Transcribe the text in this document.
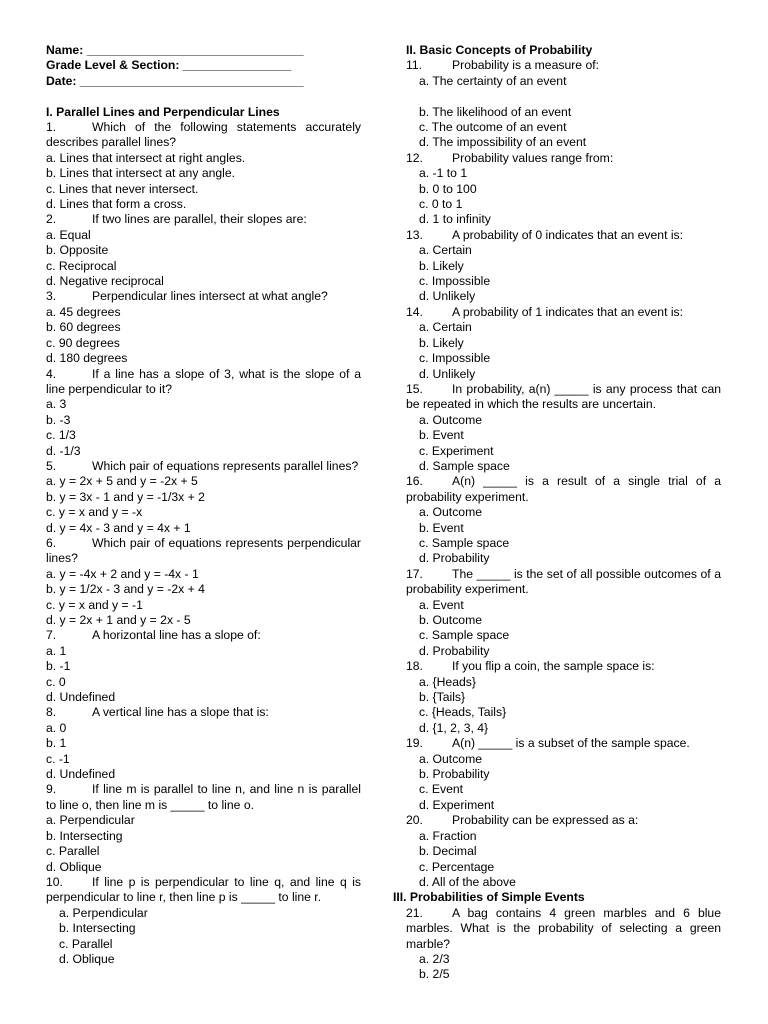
Name: ________________________________
Grade Level & Section: ________________
Date: _________________________________
I. Parallel Lines and Perpendicular Lines
1.	Which of the following statements accurately describes parallel lines?
a. Lines that intersect at right angles.
b. Lines that intersect at any angle.
c. Lines that never intersect.
d. Lines that form a cross.
2.	If two lines are parallel, their slopes are:
a. Equal
b. Opposite
c. Reciprocal
d. Negative reciprocal
3.	Perpendicular lines intersect at what angle?
a. 45 degrees
b. 60 degrees
c. 90 degrees
d. 180 degrees
4.	If a line has a slope of 3, what is the slope of a line perpendicular to it?
a. 3
b. -3
c. 1/3
d. -1/3
5.	Which pair of equations represents parallel lines?
a. y = 2x + 5 and y = -2x + 5
b. y = 3x - 1 and y = -1/3x + 2
c. y = x and y = -x
d. y = 4x - 3 and y = 4x + 1
6.	Which pair of equations represents perpendicular lines?
a. y = -4x + 2 and y = -4x - 1
b. y = 1/2x - 3 and y = -2x + 4
c. y = x and y = -1
d. y = 2x + 1 and y = 2x - 5
7.	A horizontal line has a slope of:
a. 1
b. -1
c. 0
d. Undefined
8.	A vertical line has a slope that is:
a. 0
b. 1
c. -1
d. Undefined
9.	If line m is parallel to line n, and line n is parallel to line o, then line m is _____ to line o.
a. Perpendicular
b. Intersecting
c. Parallel
d. Oblique
10. If line p is perpendicular to line q, and line q is perpendicular to line r, then line p is _____ to line r.
a. Perpendicular
b. Intersecting
c. Parallel
d. Oblique
II. Basic Concepts of Probability
11. Probability is a measure of:
a. The certainty of an event
b. The likelihood of an event
c. The outcome of an event
d. The impossibility of an event
12. Probability values range from:
a. -1 to 1
b. 0 to 100
c. 0 to 1
d. 1 to infinity
13. A probability of 0 indicates that an event is:
a. Certain
b. Likely
c. Impossible
d. Unlikely
14. A probability of 1 indicates that an event is:
a. Certain
b. Likely
c. Impossible
d. Unlikely
15. In probability, a(n) _____ is any process that can be repeated in which the results are uncertain.
a. Outcome
b. Event
c. Experiment
d. Sample space
16. A(n) _____ is a result of a single trial of a probability experiment.
a. Outcome
b. Event
c. Sample space
d. Probability
17. The _____ is the set of all possible outcomes of a probability experiment.
a. Event
b. Outcome
c. Sample space
d. Probability
18. If you flip a coin, the sample space is:
a. {Heads}
b. {Tails}
c. {Heads, Tails}
d. {1, 2, 3, 4}
19. A(n) _____ is a subset of the sample space.
a. Outcome
b. Probability
c. Event
d. Experiment
20. Probability can be expressed as a:
a. Fraction
b. Decimal
c. Percentage
d. All of the above
III. Probabilities of Simple Events
21. A bag contains 4 green marbles and 6 blue marbles. What is the probability of selecting a green marble?
a. 2/3
b. 2/5
